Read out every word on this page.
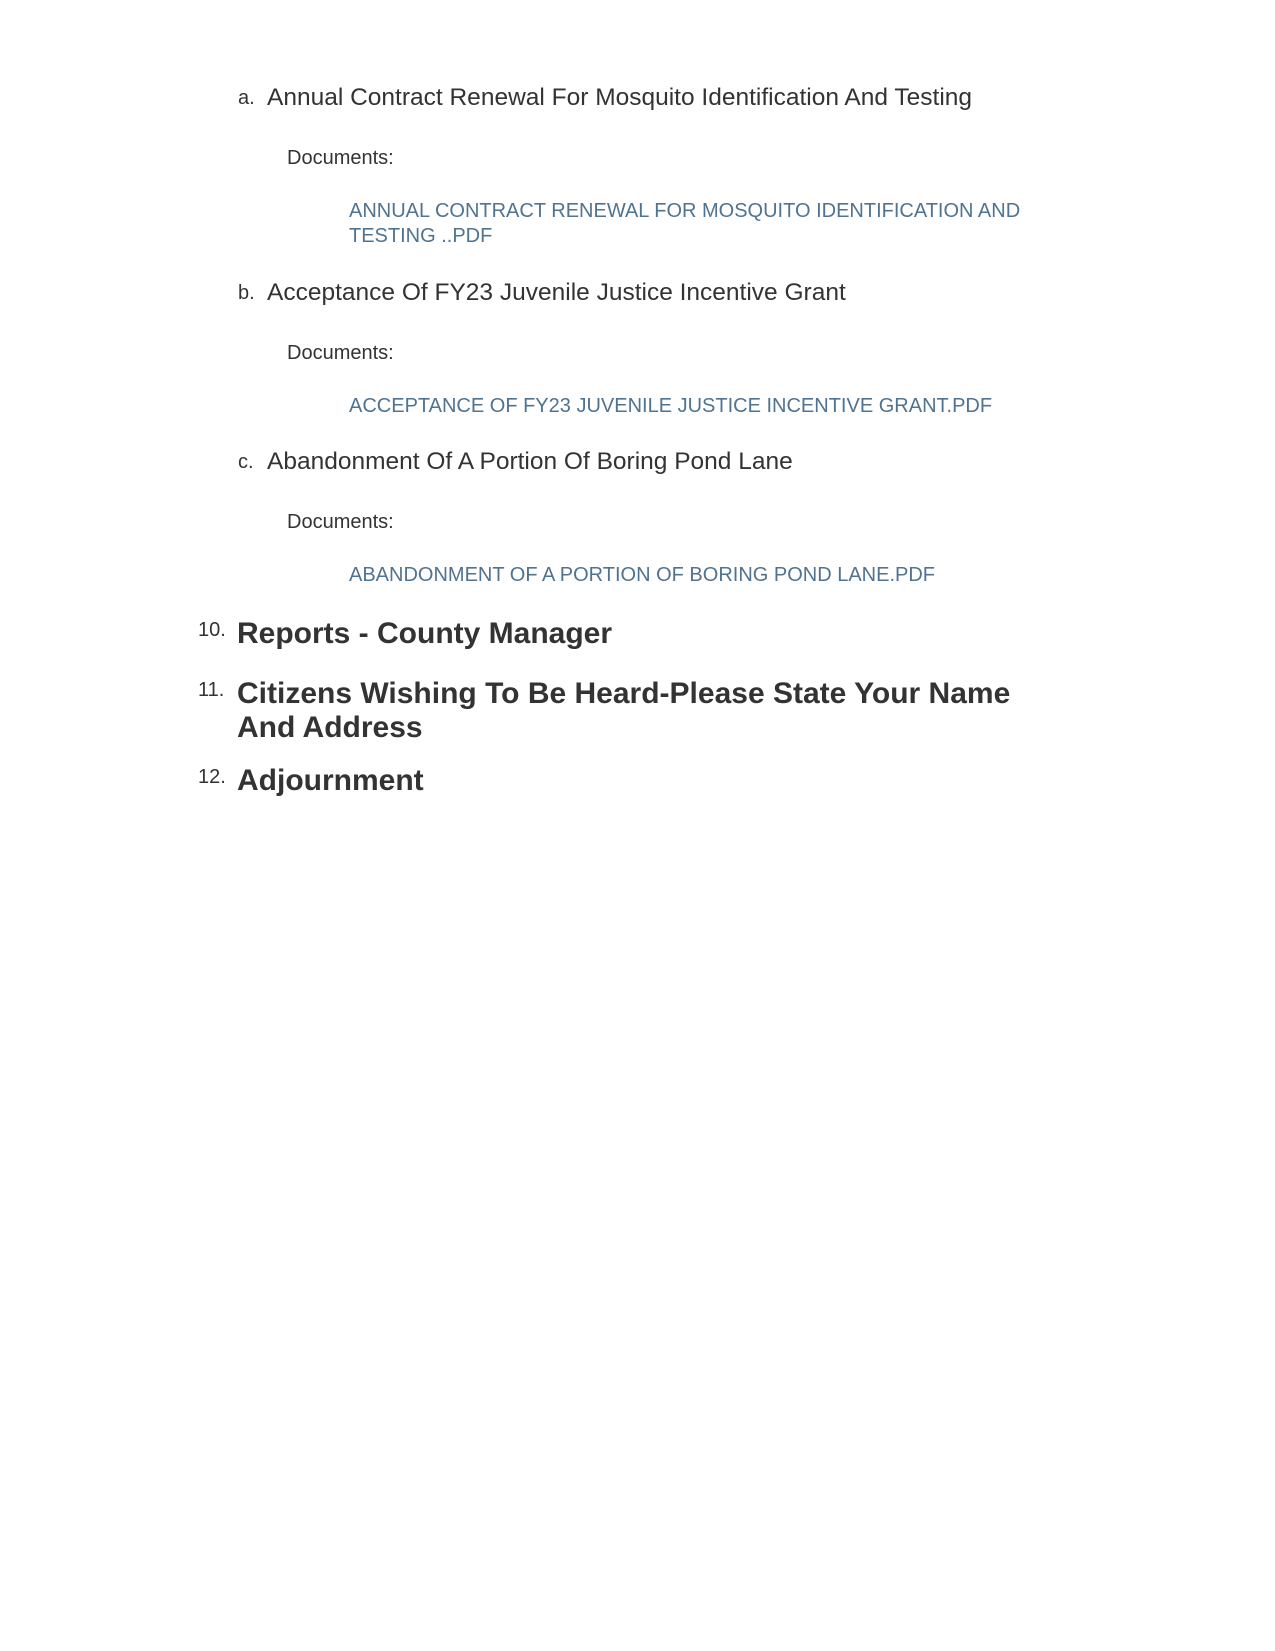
a. Annual Contract Renewal For Mosquito Identification And Testing
Documents:
ANNUAL CONTRACT RENEWAL FOR MOSQUITO IDENTIFICATION AND TESTING ..PDF
b. Acceptance Of FY23 Juvenile Justice Incentive Grant
Documents:
ACCEPTANCE OF FY23 JUVENILE JUSTICE INCENTIVE GRANT.PDF
c. Abandonment Of A Portion Of Boring Pond Lane
Documents:
ABANDONMENT OF A PORTION OF BORING POND LANE.PDF
10. Reports - County Manager
11. Citizens Wishing To Be Heard-Please State Your Name And Address
12. Adjournment
